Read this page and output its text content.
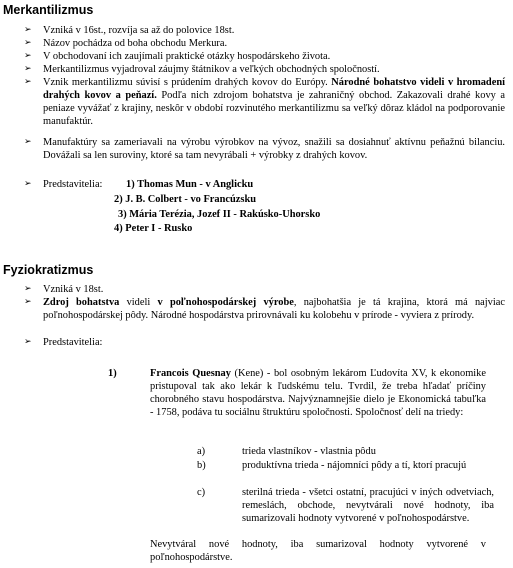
Merkantilizmus
➢	Vzniká v 16st., rozvíja sa až do polovice 18st.
➢	Názov pochádza od boha obchodu Merkura.
➢	V obchodovaní ich zaujímali praktické otázky hospodárskeho života.
➢	Merkantilizmus vyjadroval záujmy štátnikov a veľkých obchodných spoločností.
➢	Vznik merkantilizmu súvisí s prúdením drahých kovov do Európy. Národné bohatstvo videli v hromadení drahých kovov a peňazí. Podľa nich zdrojom bohatstva je zahraničný obchod. Zakazovali drahé kovy a peniaze vyvážať z krajiny, neskôr v období rozvinutého merkantilizmu sa veľký dôraz kládol na podporovanie manufaktúr.
➢	Manufaktúry sa zameriavali na výrobu výrobkov na vývoz, snažili sa dosiahnuť aktívnu peňažnú bilanciu. Dovážali sa len suroviny, ktoré sa tam nevyrábali + výrobky z drahých kovov.
➢	Predstavitelia:	1) Thomas Mun - v Anglicku
2) J. B. Colbert - vo Francúzsku
3) Mária Terézia, Jozef II - Rakúsko-Uhorsko
4) Peter I - Rusko
Fyziokratizmus
➢	Vzniká v 18st.
➢	Zdroj bohatstva videli v poľnohospodárskej výrobe, najbohatšia je tá krajina, ktorá má najviac poľnohospodárskej pôdy. Národné hospodárstva prirovnávali ku kolobehu v prírode - vyviera z prírody.
➢	Predstavitelia:
1)	Francois Quesnay (Kene) - bol osobným lekárom Ľudovíta XV, k ekonomike pristupoval tak ako lekár k ľudskému telu. Tvrdil, že treba hľadať príčiny chorobného stavu hospodárstva. Najvýznamnejšie dielo je Ekonomická tabuľka - 1758, podáva tu sociálnu štruktúru spoločnosti. Spoločnosť delí na triedy:
a)	trieda vlastníkov - vlastnia pôdu
b)	produktívna trieda - nájomníci pôdy a tí, ktorí pracujú
c)	sterilná trieda - všetci ostatní, pracujúci v iných odvetviach, remeslách, obchode, nevytvárali nové hodnoty, iba sumarizovali hodnoty vytvorené v poľnohospodárstve.
Nevytváral nové hodnoty, iba sumarizoval hodnoty vytvorené v poľnohospodárstve.
